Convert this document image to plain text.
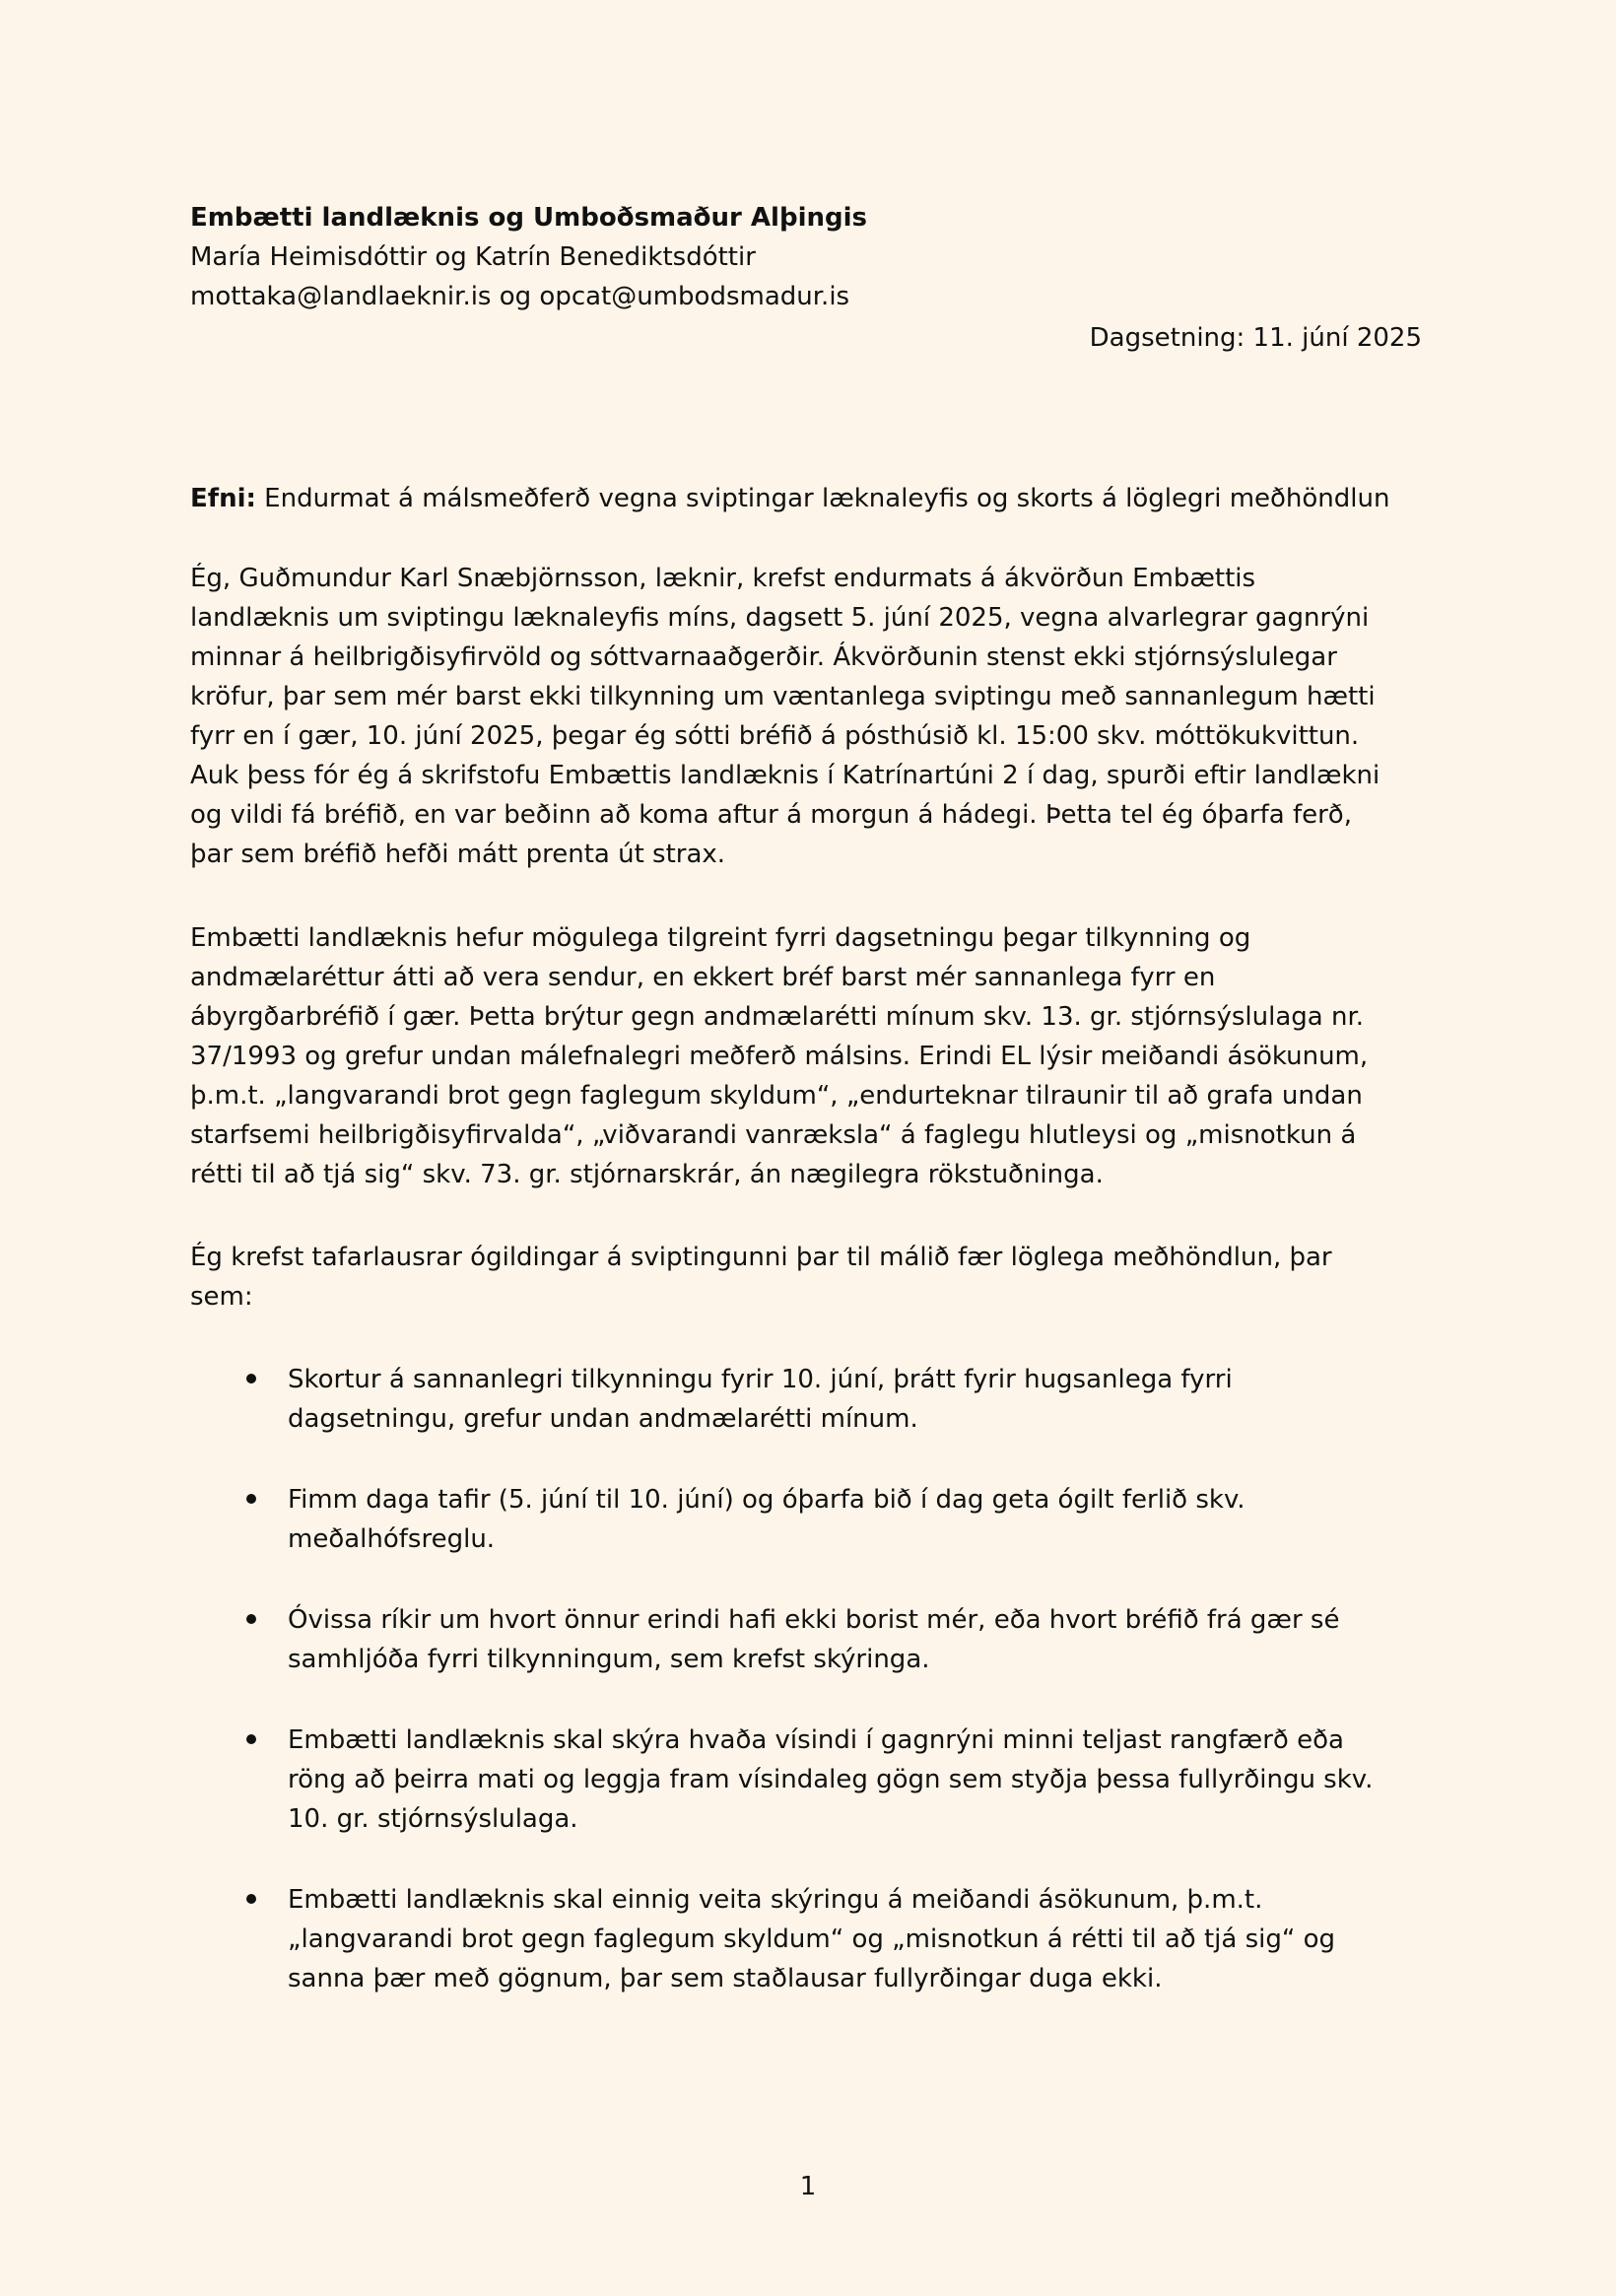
Embætti landlæknis og Umboðsmaður Alþingis
María Heimisdóttir og Katrín Benediktsdóttir
mottaka@landlaeknir.is og opcat@umbodsmadur.is
Dagsetning: 11. júní 2025
Efni: Endurmat á málsmeðferð vegna sviptingar læknaleyfis og skorts á löglegri meðhöndlun
Ég, Guðmundur Karl Snæbjörnsson, læknir, krefst endurmats á ákvörðun Embættis
landlæknis um sviptingu læknaleyfis míns, dagsett 5. júní 2025, vegna alvarlegrar gagnrýni
minnar á heilbrigðisyfirvöld og sóttvarnaaðgerðir. Ákvörðunin stenst ekki stjórnsýslulegar
kröfur, þar sem mér barst ekki tilkynning um væntanlega sviptingu með sannanlegum hætti
fyrr en í gær, 10. júní 2025, þegar ég sótti bréfið á pósthúsið kl. 15:00 skv. móttökukvittun.
Auk þess fór ég á skrifstofu Embættis landlæknis í Katrínartúni 2 í dag, spurði eftir landlækni
og vildi fá bréfið, en var beðinn að koma aftur á morgun á hádegi. Þetta tel ég óþarfa ferð,
þar sem bréfið hefði mátt prenta út strax.
Embætti landlæknis hefur mögulega tilgreint fyrri dagsetningu þegar tilkynning og
andmælaréttur átti að vera sendur, en ekkert bréf barst mér sannanlega fyrr en
ábyrgðarbréfið í gær. Þetta brýtur gegn andmælarétti mínum skv. 13. gr. stjórnsýslulaga nr.
37/1993 og grefur undan málefnalegri meðferð málsins. Erindi EL lýsir meiðandi ásökunum,
þ.m.t. „langvarandi brot gegn faglegum skyldum“, „endurteknar tilraunir til að grafa undan
starfsemi heilbrigðisyfirvalda“, „viðvarandi vanræksla“ á faglegu hlutleysi og „misnotkun á
rétti til að tjá sig“ skv. 73. gr. stjórnarskrár, án nægilegra rökstuðninga.
Ég krefst tafarlausrar ógildingar á sviptingunni þar til málið fær löglega meðhöndlun, þar
sem:
Skortur á sannanlegri tilkynningu fyrir 10. júní, þrátt fyrir hugsanlega fyrri
dagsetningu, grefur undan andmælarétti mínum.
Fimm daga tafir (5. júní til 10. júní) og óþarfa bið í dag geta ógilt ferlið skv.
meðalhófsreglu.
Óvissa ríkir um hvort önnur erindi hafi ekki borist mér, eða hvort bréfið frá gær sé
samhljóða fyrri tilkynningum, sem krefst skýringa.
Embætti landlæknis skal skýra hvaða vísindi í gagnrýni minni teljast rangfærð eða
röng að þeirra mati og leggja fram vísindaleg gögn sem styðja þessa fullyrðingu skv.
10. gr. stjórnsýslulaga.
Embætti landlæknis skal einnig veita skýringu á meiðandi ásökunum, þ.m.t.
„langvarandi brot gegn faglegum skyldum“ og „misnotkun á rétti til að tjá sig“ og
sanna þær með gögnum, þar sem staðlausar fullyrðingar duga ekki.
1
